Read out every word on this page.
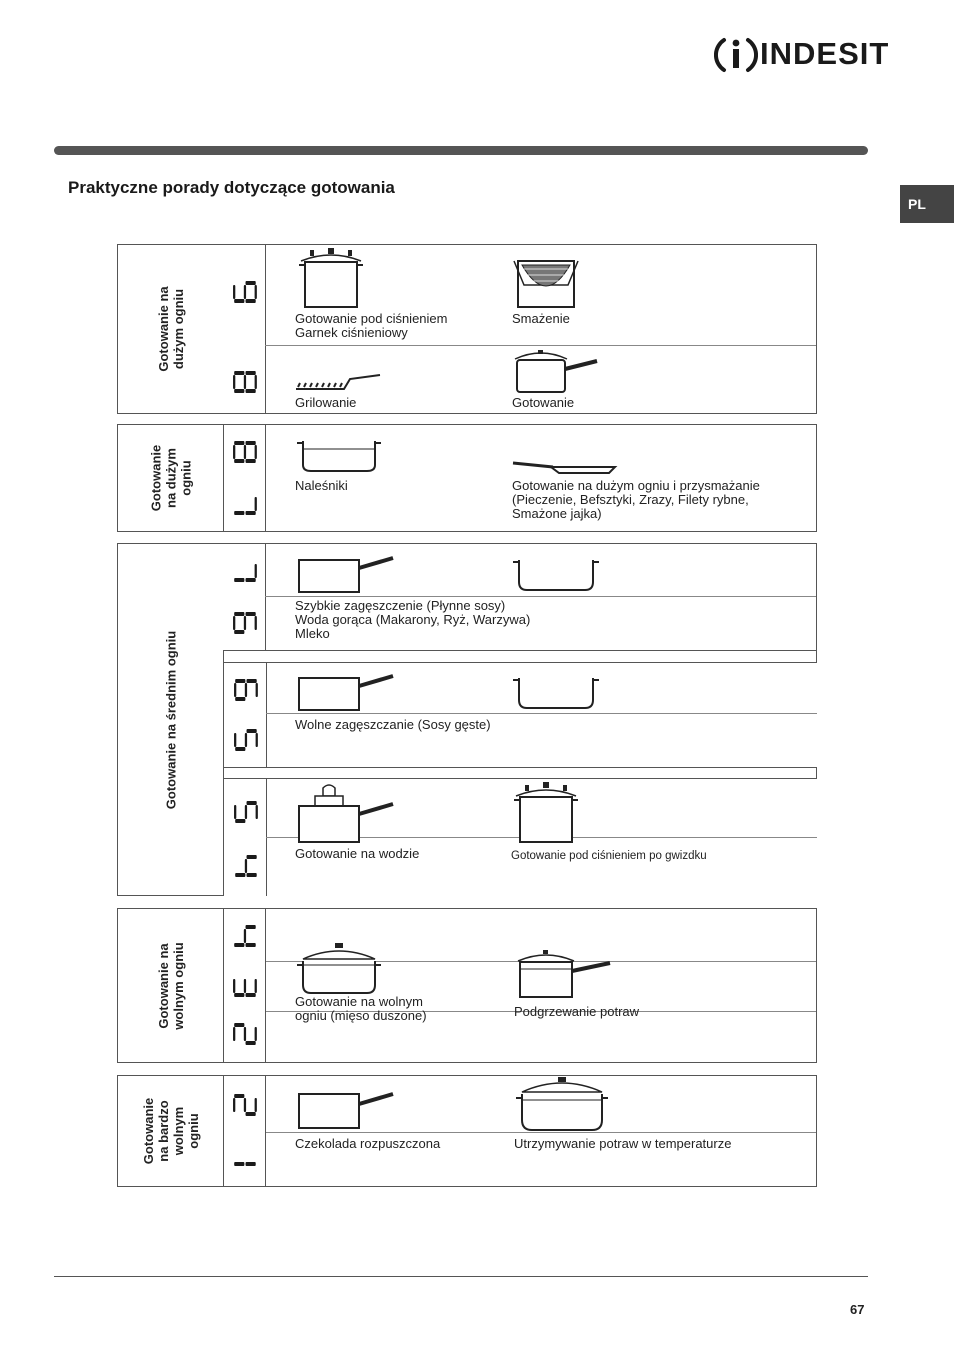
INDESIT
Praktyczne porady dotyczące gotowania
PL
Gotowanie na
dużym ogniu	Gotowanie pod ciśnieniem
Garnek ciśnieniowy
Smażenie
Grilowanie	Gotowanie
Gotowanie
na dużym
ogniu	Naleśniki	Gotowanie na dużym ogniu i przysmażanie
(Pieczenie, Befsztyki, Zrazy, Filety rybne,
Smażone jajka)
Gotowanie na średnim ogniu
Szybkie zagęszczenie (Płynne sosy)
Woda gorąca (Makarony, Ryż, Warzywa)
Mleko
Wolne zagęszczanie (Sosy gęste)
Gotowanie na wodzie	Gotowanie pod ciśnieniem po gwizdku
Gotowanie na
wolnym ogniu
Gotowanie na wolnym
ogniu (mięso duszone)	Podgrzewanie potraw
Gotowanie
na bardzo
wolnym
ogniu	Czekolada rozpuszczona	Utrzymywanie potraw w temperaturze
67
